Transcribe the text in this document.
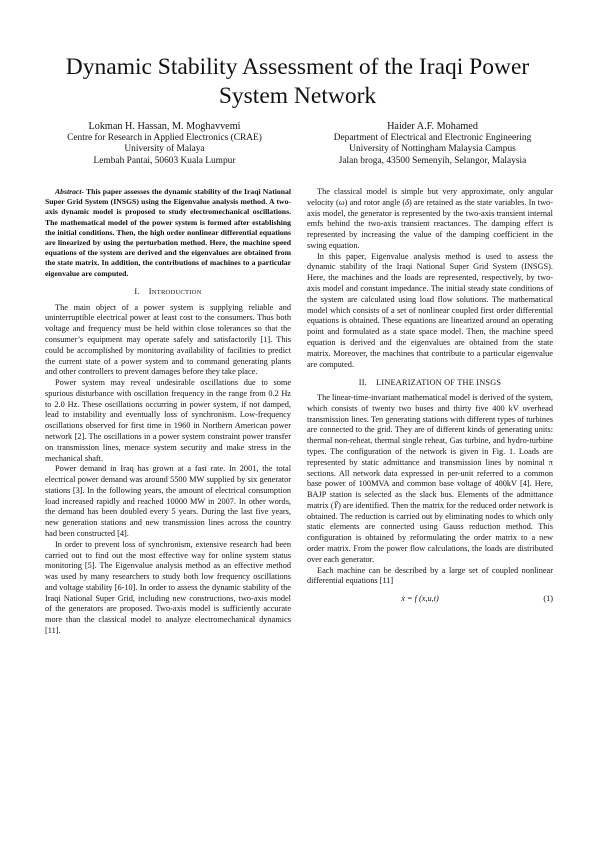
Dynamic Stability Assessment of the Iraqi Power System Network
Lokman H. Hassan, M. Moghavvemi
Centre for Research in Applied Electronics (CRAE)
University of Malaya
Lembah Pantai, 50603 Kuala Lumpur
Haider A.F. Mohamed
Department of Electrical and Electronic Engineering
University of Nottingham Malaysia Campus
Jalan broga, 43500 Semenyih, Selangor, Malaysia

Abstract- This paper assesses the dynamic stability of the Iraqi National Super Grid System (INSGS) using the Eigenvalue analysis method. A two-axis dynamic model is proposed to study electromechanical oscillations. The mathematical model of the power system is formed after establishing the initial conditions. Then, the high order nonlinear differential equations are linearized by using the perturbation method. Here, the machine speed equations of the system are derived and the eigenvalues are obtained from the state matrix. In addition, the contributions of machines to a particular eigenvalue are computed.

I. INTRODUCTION

The main object of a power system is supplying reliable and uninterruptible electrical power at least cost to the consumers. Thus both voltage and frequency must be held within close tolerances so that the consumer’s equipment may operate safely and satisfactorily [1]. This could be accomplished by monitoring availability of facilities to predict the current state of a power system and to command generating plants and other controllers to prevent damages before they take place.

Power system may reveal undesirable oscillations due to some spurious disturbance with oscillation frequency in the range from 0.2 Hz to 2.0 Hz. These oscillations occurring in power system, if not damped, lead to instability and eventually loss of synchronism. Low-frequency oscillations observed for first time in 1960 in Northern American power network [2]. The oscillations in a power system constraint power transfer on transmission lines, menace system security and make stress in the mechanical shaft.

Power demand in Iraq has grown at a fast rate. In 2001, the total electrical power demand was around 5500 MW supplied by six generator stations [3]. In the following years, the amount of electrical consumption load increased rapidly and reached 10000 MW in 2007. In other words, the demand has been doubled every 5 years. During the last five years, new generation stations and new transmission lines across the country had been constructed [4].

In order to prevent loss of synchronism, extensive research had been carried out to find out the most effective way for online system status monitoring [5]. The Eigenvalue analysis method as an effective method was used by many researchers to study both low frequency oscillations and voltage stability [6-10]. In order to assess the dynamic stability of the Iraqi National Super Grid, including new constructions, two-axis model of the generators are proposed. Two-axis model is sufficiently accurate more than the classical model to analyze electromechanical dynamics [11].

The classical model is simple but very approximate, only angular velocity (ω) and rotor angle (δ) are retained as the state variables. In two-axis model, the generator is represented by the two-axis transient internal emfs behind the two-axis transient reactances. The damping effect is represented by increasing the value of the damping coefficient in the swing equation.

In this paper, Eigenvalue analysis method is used to assess the dynamic stability of the Iraqi National Super Grid System (INSGS). Here, the machines and the loads are represented, respectively, by two-axis model and constant impedance. The initial steady state conditions of the system are calculated using load flow solutions. The mathematical model which consists of a set of nonlinear coupled first order differential equations is obtained. These equations are linearized around an operating point and formulated as a state space model. Then, the machine speed equation is derived and the eigenvalues are obtained from the state matrix. Moreover, the machines that contribute to a particular eigenvalue are computed.

II. LINEARIZATION OF THE INSGS

The linear-time-invariant mathematical model is derived of the system, which consists of twenty two buses and thirty five 400 kV overhead transmission lines. Ten generating stations with different types of turbines are connected to the grid. They are of different kinds of generating units: thermal non-reheat, thermal single reheat, Gas turbine, and hydro-turbine types. The configuration of the network is given in Fig. 1. Loads are represented by static admittance and transmission lines by nominal π sections. All network data expressed in per-unit referred to a common base power of 100MVA and common base voltage of 400kV [4]. Here, BAJP station is selected as the slack bus. Elements of the admittance matrix (Ȳ) are identified. Then the matrix for the reduced order network is obtained. The reduction is carried out by eliminating nodes to which only static elements are connected using Gauss reduction method. This configuration is obtained by reformulating the order matrix to a new order matrix. From the power flow calculations, the loads are distributed over each generator.

Each machine can be described by a large set of coupled nonlinear differential equations [11]

ẋ = f (x,u,t)	(1)
